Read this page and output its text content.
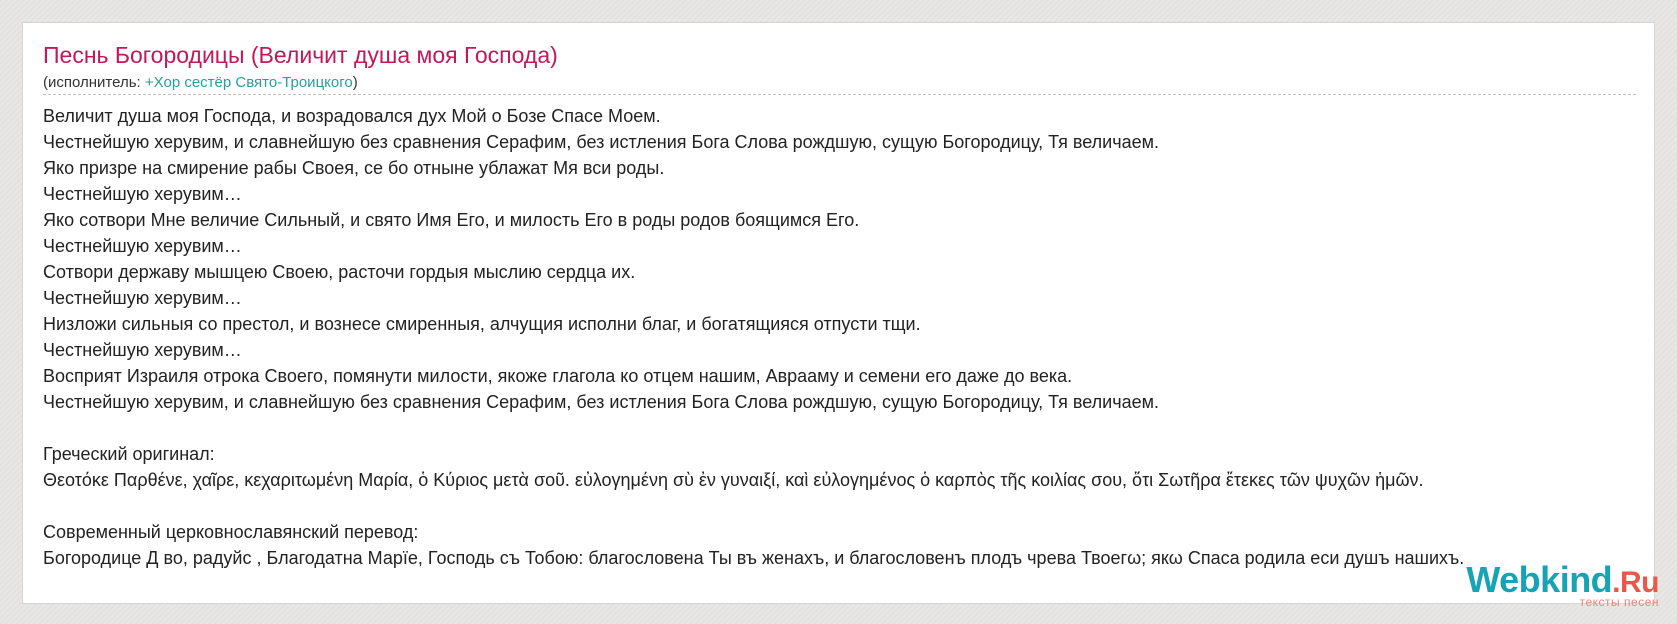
Песнь Богородицы (Величит душа моя Господа)
(исполнитель: +Хор сестёр Свято-Троицкого)
Величит душа моя Господа, и возрадовался дух Мой о Бозе Спасе Моем.
Честнейшую херувим, и славнейшую без сравнения Серафим, без истления Бога Слова рождшую, сущую Богородицу, Тя величаем.
Яко призре на смирение рабы Своея, се бо отныне ублажат Мя вси роды.
Честнейшую херувим…
Яко сотвори Мне величие Сильный, и свято Имя Его, и милость Его в роды родов боящимся Его.
Честнейшую херувим…
Сотвори державу мышцею Своею, расточи гордыя мыслию сердца их.
Честнейшую херувим…
Низложи сильныя со престол, и вознесе смиренныя, алчущия исполни благ, и богатящияся отпусти тщи.
Честнейшую херувим…
Восприят Израиля отрока Своего, помянути милости, якоже глагола ко отцем нашим, Аврааму и семени его даже до века.
Честнейшую херувим, и славнейшую без сравнения Серафим, без истления Бога Слова рождшую, сущую Богородицу, Тя величаем.
Греческий оригинал:
Θεοτόκε Παρθένε, χαῖρε, κεχαριτωμένη Μαρία, ὁ Κύριος μετὰ σοῦ. εὐλογημένη σὺ ἐν γυναιξί, καὶ εὐλογημένος ὁ καρπὸς τῆς κοιλίας σου, ὅτι Σωτῆρα ἔτεκες τῶν ψυχῶν ἡμῶν.
Современный церковнославянский перевод:
Богородице Д во, радуйс , Благодатна Марïе, Господь съ Тобою: благословена Ты въ женахъ, и благословенъ плодъ чрева Твоегω; якω Спаса родила еси душъ нашихъ.
Webkind.Ru
тексты песен
